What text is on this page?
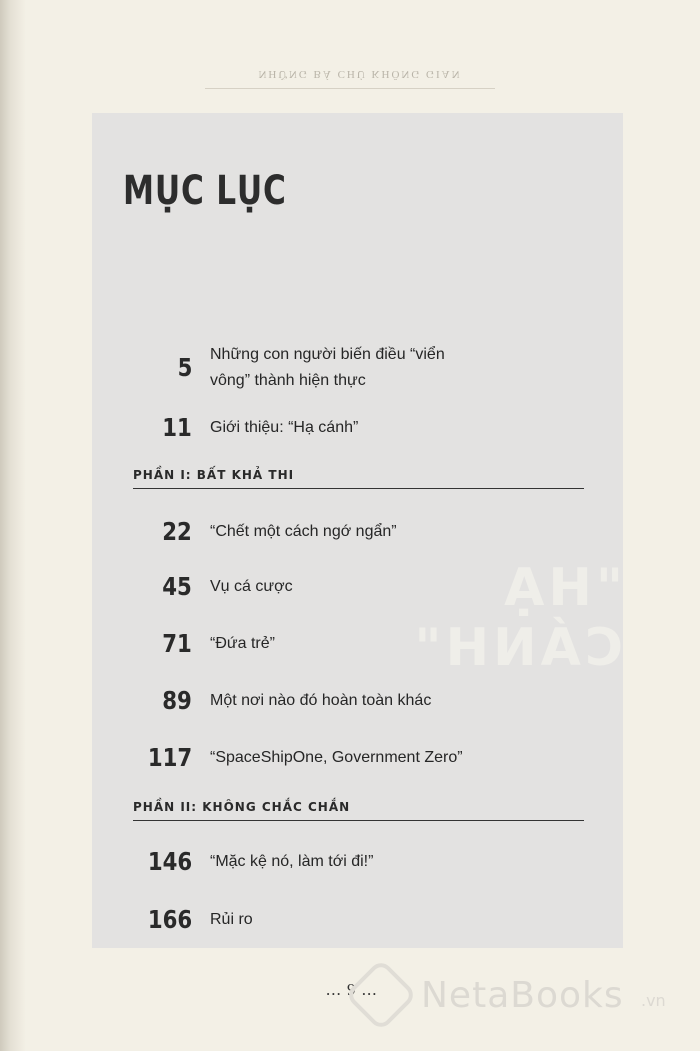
NHỮNG BÁ CHỦ KHÔNG GIAN
"HẠ CÁNH"
MỤC LỤC
5 Những con người biến điều “viển vông” thành hiện thực
11 Giới thiệu: “Hạ cánh”
PHẦN I: BẤT KHẢ THI
22 “Chết một cách ngớ ngẩn”
45 Vụ cá cược
71 “Đứa trẻ”
89 Một nơi nào đó hoàn toàn khác
117 “SpaceShipOne, Government Zero”
PHẦN II: KHÔNG CHẮC CHẮN
146 “Mặc kệ nó, làm tới đi!”
166 Rủi ro
... 9 ... NetaBooks .vn
